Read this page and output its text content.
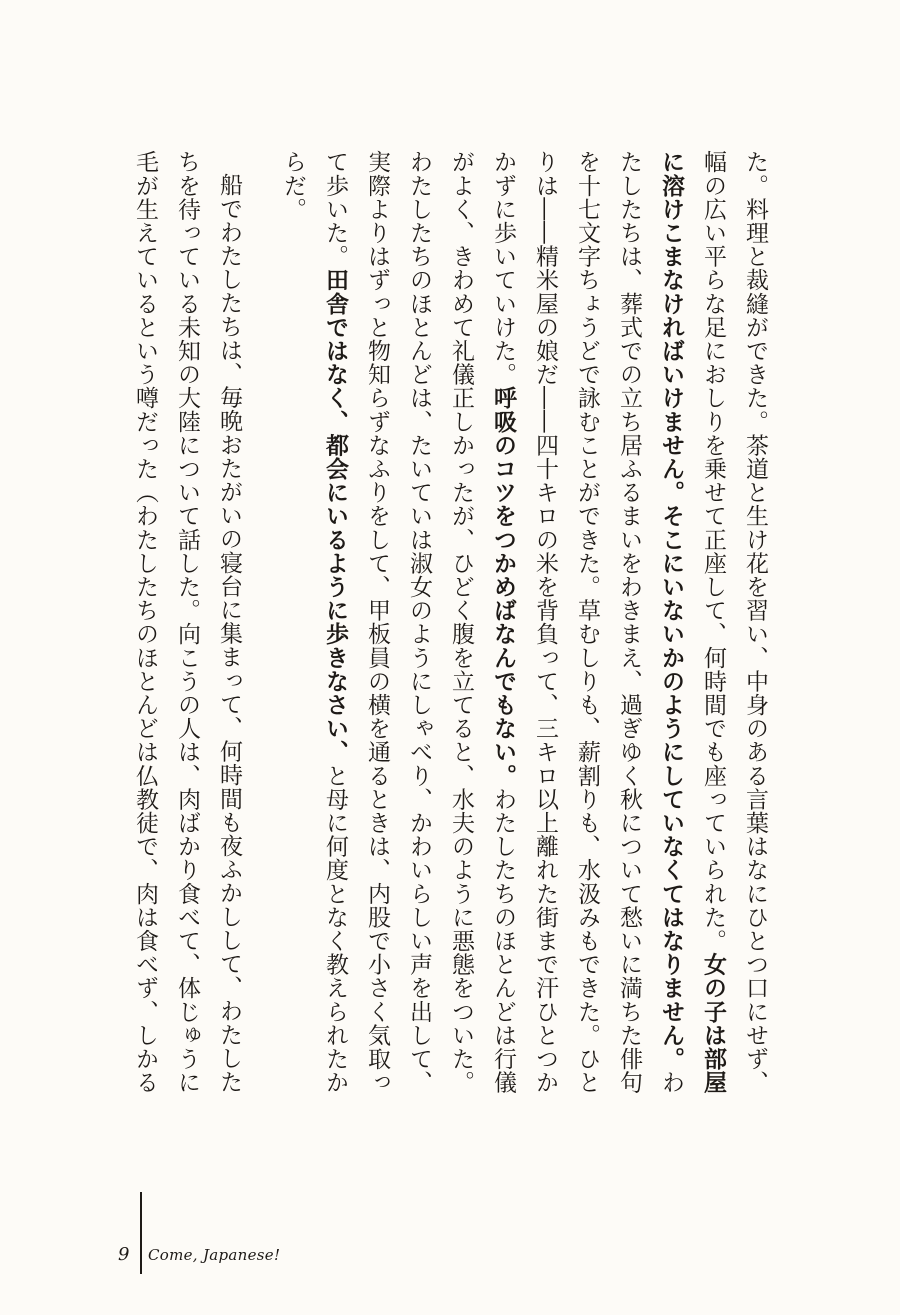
た。料理と裁縫ができた。茶道と生け花を習い、中身のある言葉はなにひとつ口にせず、幅の広い平らな足におしりを乗せて正座して、何時間でも座っていられた。女の子は部屋に溶けこまなければいけません。そこにいないかのようにしていなくてはなりません。わたしたちは、葬式での立ち居ふるまいをわきまえ、過ぎゆく秋について愁いに満ちた俳句を十七文字ちょうどで詠むことができた。草むしりも、薪割りも、水汲みもできた。ひとりは――精米屋の娘だ――四十キロの米を背負って、三キロ以上離れた街まで汗ひとつかかずに歩いていけた。呼吸のコツをつかめばなんでもない。わたしたちのほとんどは行儀がよく、きわめて礼儀正しかったが、ひどく腹を立てると、水夫のように悪態をついた。わたしたちのほとんどは、たいていは淑女のようにしゃべり、かわいらしい声を出して、実際よりはずっと物知らずなふりをして、甲板員の横を通るときは、内股で小さく気取って歩いた。田舎ではなく、都会にいるように歩きなさい、と母に何度となく教えられたからだ。

船でわたしたちは、毎晩おたがいの寝台に集まって、何時間も夜ふかしして、わたしたちを待っている未知の大陸について話した。向こうの人は、肉ばかり食べて、体じゅうに毛が生えているという噂だった（わたしたちのほとんどは仏教徒で、肉は食べず、しかる

9 Come, Japanese!
